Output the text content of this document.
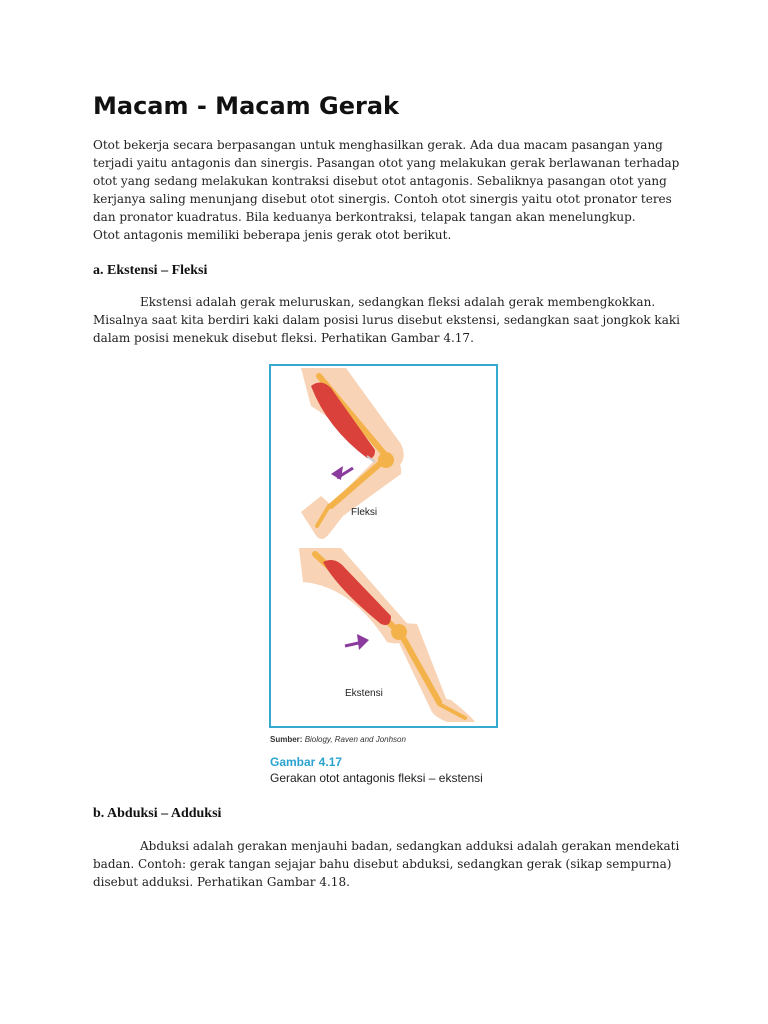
Macam - Macam Gerak

Otot bekerja secara berpasangan untuk menghasilkan gerak. Ada dua macam pasangan yang terjadi yaitu antagonis dan sinergis. Pasangan otot yang melakukan gerak berlawanan terhadap otot yang sedang melakukan kontraksi disebut otot antagonis. Sebaliknya pasangan otot yang kerjanya saling menunjang disebut otot sinergis. Contoh otot sinergis yaitu otot pronator teres dan pronator kuadratus. Bila keduanya berkontraksi, telapak tangan akan menelungkup.
Otot antagonis memiliki beberapa jenis gerak otot berikut.

a. Ekstensi – Fleksi

Ekstensi adalah gerak meluruskan, sedangkan fleksi adalah gerak membengkokkan. Misalnya saat kita berdiri kaki dalam posisi lurus disebut ekstensi, sedangkan saat jongkok kaki dalam posisi menekuk disebut fleksi. Perhatikan Gambar 4.17.

Fleksi
Ekstensi
Sumber: Biology, Raven and Jonhson
Gambar 4.17
Gerakan otot antagonis fleksi – ekstensi
b. Abduksi – Adduksi

Abduksi adalah gerakan menjauhi badan, sedangkan adduksi adalah gerakan mendekati badan. Contoh: gerak tangan sejajar bahu disebut abduksi, sedangkan gerak (sikap sempurna) disebut adduksi. Perhatikan Gambar 4.18.
